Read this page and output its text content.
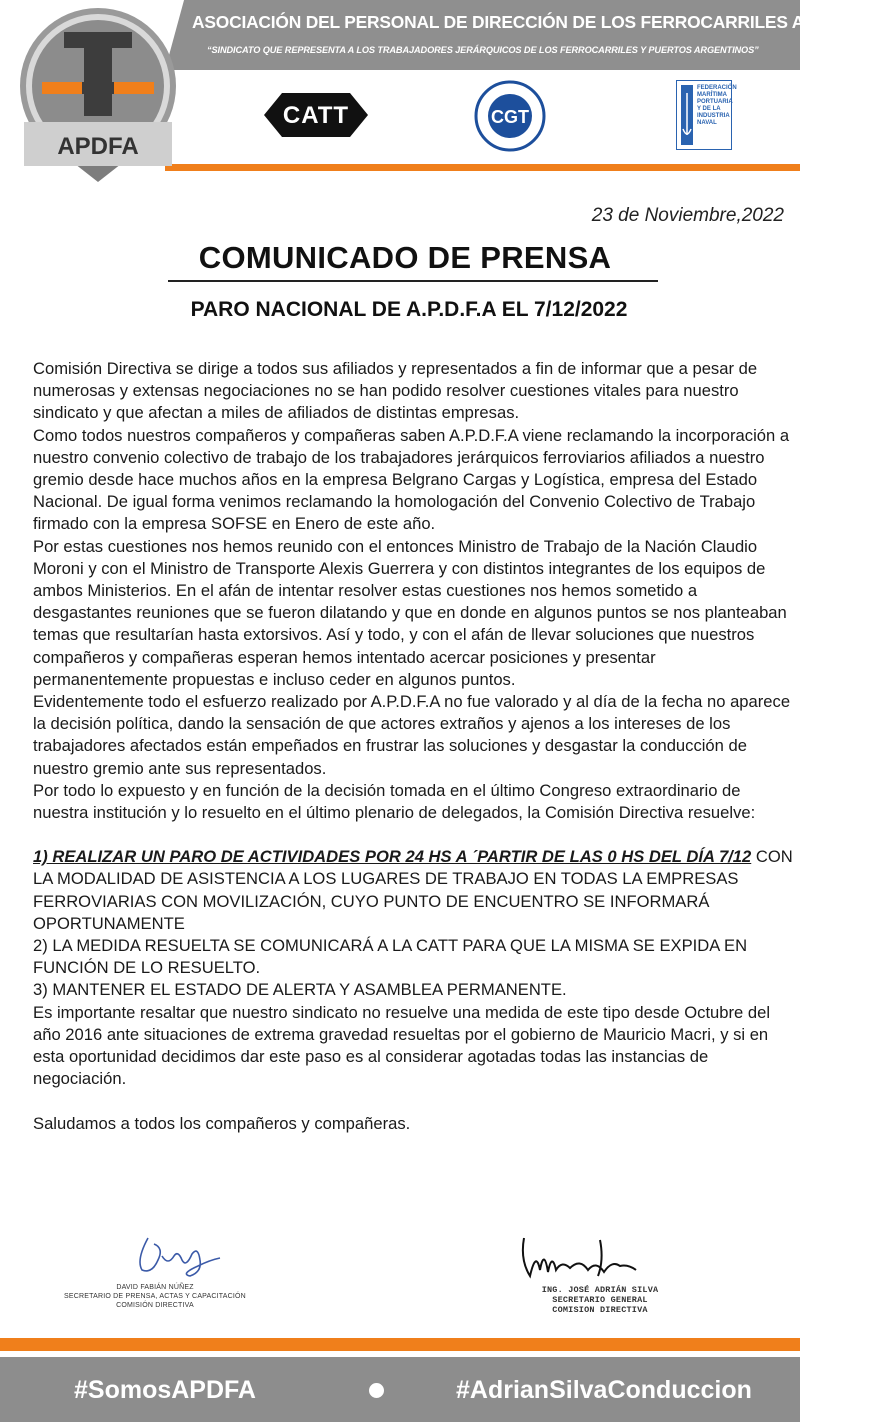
ASOCIACIÓN DEL PERSONAL DE DIRECCIÓN DE LOS FERROCARRILES ARGENTINO
“SINDICATO QUE REPRESENTA A LOS TRABAJADORES JERÁRQUICOS DE LOS FERROCARRILES Y PUERTOS ARGENTINOS”
APDFA
CATT	CGT
FEDERACIÓN MARÍTIMA PORTUARIA Y DE LA INDUSTRIA NAVAL
23 de Noviembre,2022
COMUNICADO DE PRENSA
PARO NACIONAL DE A.P.D.F.A EL 7/12/2022

Comisión Directiva se dirige a todos sus afiliados y representados a fin de informar que a pesar de numerosas y extensas negociaciones no se han podido resolver cuestiones vitales para nuestro sindicato y que afectan a miles de afiliados de distintas empresas.

Como todos nuestros compañeros y compañeras saben A.P.D.F.A viene reclamando la incorporación a nuestro convenio colectivo de trabajo de los trabajadores jerárquicos ferroviarios afiliados a nuestro gremio desde hace muchos años en la empresa Belgrano Cargas y Logística, empresa del Estado Nacional. De igual forma venimos reclamando la homologación del Convenio Colectivo de Trabajo firmado con la empresa SOFSE en Enero de este año.

Por estas cuestiones nos hemos reunido con el entonces Ministro de Trabajo de la Nación Claudio Moroni y con el Ministro de Transporte Alexis Guerrera y con distintos integrantes de los equipos de ambos Ministerios. En el afán de intentar resolver estas cuestiones nos hemos sometido a desgastantes reuniones que se fueron dilatando y que en donde en algunos puntos se nos planteaban temas que resultarían hasta extorsivos. Así y todo, y con el afán de llevar soluciones que nuestros compañeros y compañeras esperan hemos intentado acercar posiciones y presentar permanentemente propuestas e incluso ceder en algunos puntos.

Evidentemente todo el esfuerzo realizado por A.P.D.F.A no fue valorado y al día de la fecha no aparece la decisión política, dando la sensación de que actores extraños y ajenos a los intereses de los trabajadores afectados están empeñados en frustrar las soluciones y desgastar la conducción de nuestro gremio ante sus representados.

Por todo lo expuesto y en función de la decisión tomada en el último Congreso extraordinario de nuestra institución y lo resuelto en el último plenario de delegados, la Comisión Directiva resuelve:

1) REALIZAR UN PARO DE ACTIVIDADES POR 24 HS A ´PARTIR DE LAS 0 HS DEL DÍA 7/12 CON LA MODALIDAD DE ASISTENCIA A LOS LUGARES DE TRABAJO EN TODAS LA EMPRESAS FERROVIARIAS CON MOVILIZACIÓN, CUYO PUNTO DE ENCUENTRO SE INFORMARÁ OPORTUNAMENTE

2) LA MEDIDA RESUELTA SE COMUNICARÁ A LA CATT PARA QUE LA MISMA SE EXPIDA EN FUNCIÓN DE LO RESUELTO.

3) MANTENER EL ESTADO DE ALERTA Y ASAMBLEA PERMANENTE.

Es importante resaltar que nuestro sindicato no resuelve una medida de este tipo desde Octubre del año 2016 ante situaciones de extrema gravedad resueltas por el gobierno de Mauricio Macri, y si en esta oportunidad decidimos dar este paso es al considerar agotadas todas las instancias de negociación.

Saludamos a todos los compañeros y compañeras.

DAVID FABIÁN NÚÑEZ
SECRETARIO DE PRENSA, ACTAS Y CAPACITACIÓN
COMISIÓN DIRECTIVA
ING. JOSÉ ADRIÁN SILVA
SECRETARIO GENERAL
COMISION DIRECTIVA
#SomosAPDFA	#AdrianSilvaConduccion
